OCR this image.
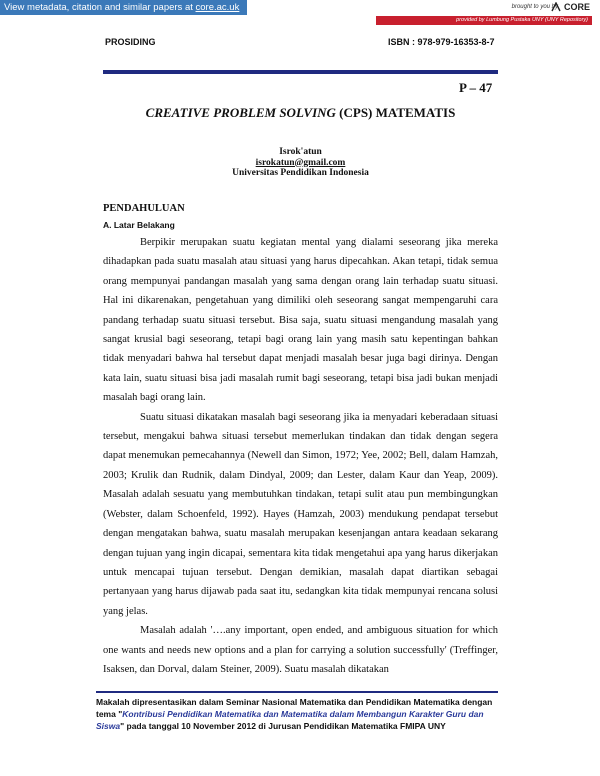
View metadata, citation and similar papers at core.ac.uk	brought to you by CORE
provided by Lumbung Pustaka UNY (UNY Repository)
PROSIDING	ISBN : 978-979-16353-8-7
P – 47
CREATIVE PROBLEM SOLVING (CPS) MATEMATIS
Isrok'atun
isrokatun@gmail.com
Universitas Pendidikan Indonesia
PENDAHULUAN
A. Latar Belakang

Berpikir merupakan suatu kegiatan mental yang dialami seseorang jika mereka dihadapkan pada suatu masalah atau situasi yang harus dipecahkan. Akan tetapi, tidak semua orang mempunyai pandangan masalah yang sama dengan orang lain terhadap suatu situasi. Hal ini dikarenakan, pengetahuan yang dimiliki oleh seseorang sangat mempengaruhi cara pandang terhadap suatu situasi tersebut. Bisa saja, suatu situasi mengandung masalah yang sangat krusial bagi seseorang, tetapi bagi orang lain yang masih satu kepentingan bahkan tidak menyadari bahwa hal tersebut dapat menjadi masalah besar juga bagi dirinya. Dengan kata lain, suatu situasi bisa jadi masalah rumit bagi seseorang, tetapi bisa jadi bukan menjadi masalah bagi orang lain.

Suatu situasi dikatakan masalah bagi seseorang jika ia menyadari keberadaan situasi tersebut, mengakui bahwa situasi tersebut memerlukan tindakan dan tidak dengan segera dapat menemukan pemecahannya (Newell dan Simon, 1972; Yee, 2002; Bell, dalam Hamzah, 2003; Krulik dan Rudnik, dalam Dindyal, 2009; dan Lester, dalam Kaur dan Yeap, 2009). Masalah adalah sesuatu yang membutuhkan tindakan, tetapi sulit atau pun membingungkan (Webster, dalam Schoenfeld, 1992). Hayes (Hamzah, 2003) mendukung pendapat tersebut dengan mengatakan bahwa, suatu masalah merupakan kesenjangan antara keadaan sekarang dengan tujuan yang ingin dicapai, sementara kita tidak mengetahui apa yang harus dikerjakan untuk mencapai tujuan tersebut. Dengan demikian, masalah dapat diartikan sebagai pertanyaan yang harus dijawab pada saat itu, sedangkan kita tidak mempunyai rencana solusi yang jelas.

Masalah adalah '….any important, open ended, and ambiguous situation for which one wants and needs new options and a plan for carrying a solution successfully' (Treffinger, Isaksen, dan Dorval, dalam Steiner, 2009). Suatu masalah dikatakan

Makalah dipresentasikan dalam Seminar Nasional Matematika dan Pendidikan Matematika dengan tema "Kontribusi Pendidikan Matematika dan Matematika dalam Membangun Karakter Guru dan Siswa" pada tanggal 10 November 2012 di Jurusan Pendidikan Matematika FMIPA UNY
